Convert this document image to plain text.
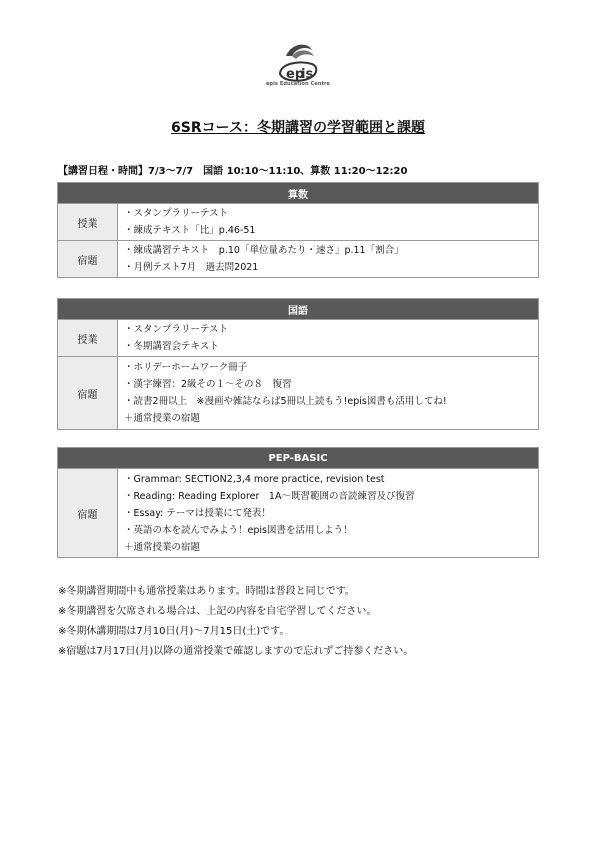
ep
is
epis Education Centre
6SRコース：冬期講習の学習範囲と課題
【講習日程・時間】7/3〜7/7　国語 10:10〜11:10、算数 11:20〜12:20
算数	
授業	・スタンプラリーテスト
・練成テキスト「比」p.46-51

宿題	・練成講習テキスト　p.10「単位量あたり・速さ」p.11「割合」
・月例テスト7月　過去問2021
国語	
授業	・スタンプラリーテスト
・冬期講習会テキスト

宿題	・ホリデーホームワーク冊子
・漢字練習：2級その１〜その８　復習
・読書2冊以上　※漫画や雑誌ならば5冊以上読もう!epis図書も活用してね!
＋通常授業の宿題
PEP-BASIC
宿題	
・Grammar: SECTION2,3,4 more practice, revision test
・Reading: Reading Explorer　1A〜既習範囲の音読練習及び復習
・Essay: テーマは授業にて発表！
・英語の本を読んでみよう！epis図書を活用しよう！
＋通常授業の宿題
※冬期講習期間中も通常授業はあります。時間は普段と同じです。
※冬期講習を欠席される場合は、上記の内容を自宅学習してください。
※冬期休講期間は7月10日(月)〜7月15日(土)です。
※宿題は7月17日(月)以降の通常授業で確認しますので忘れずご持参ください。
